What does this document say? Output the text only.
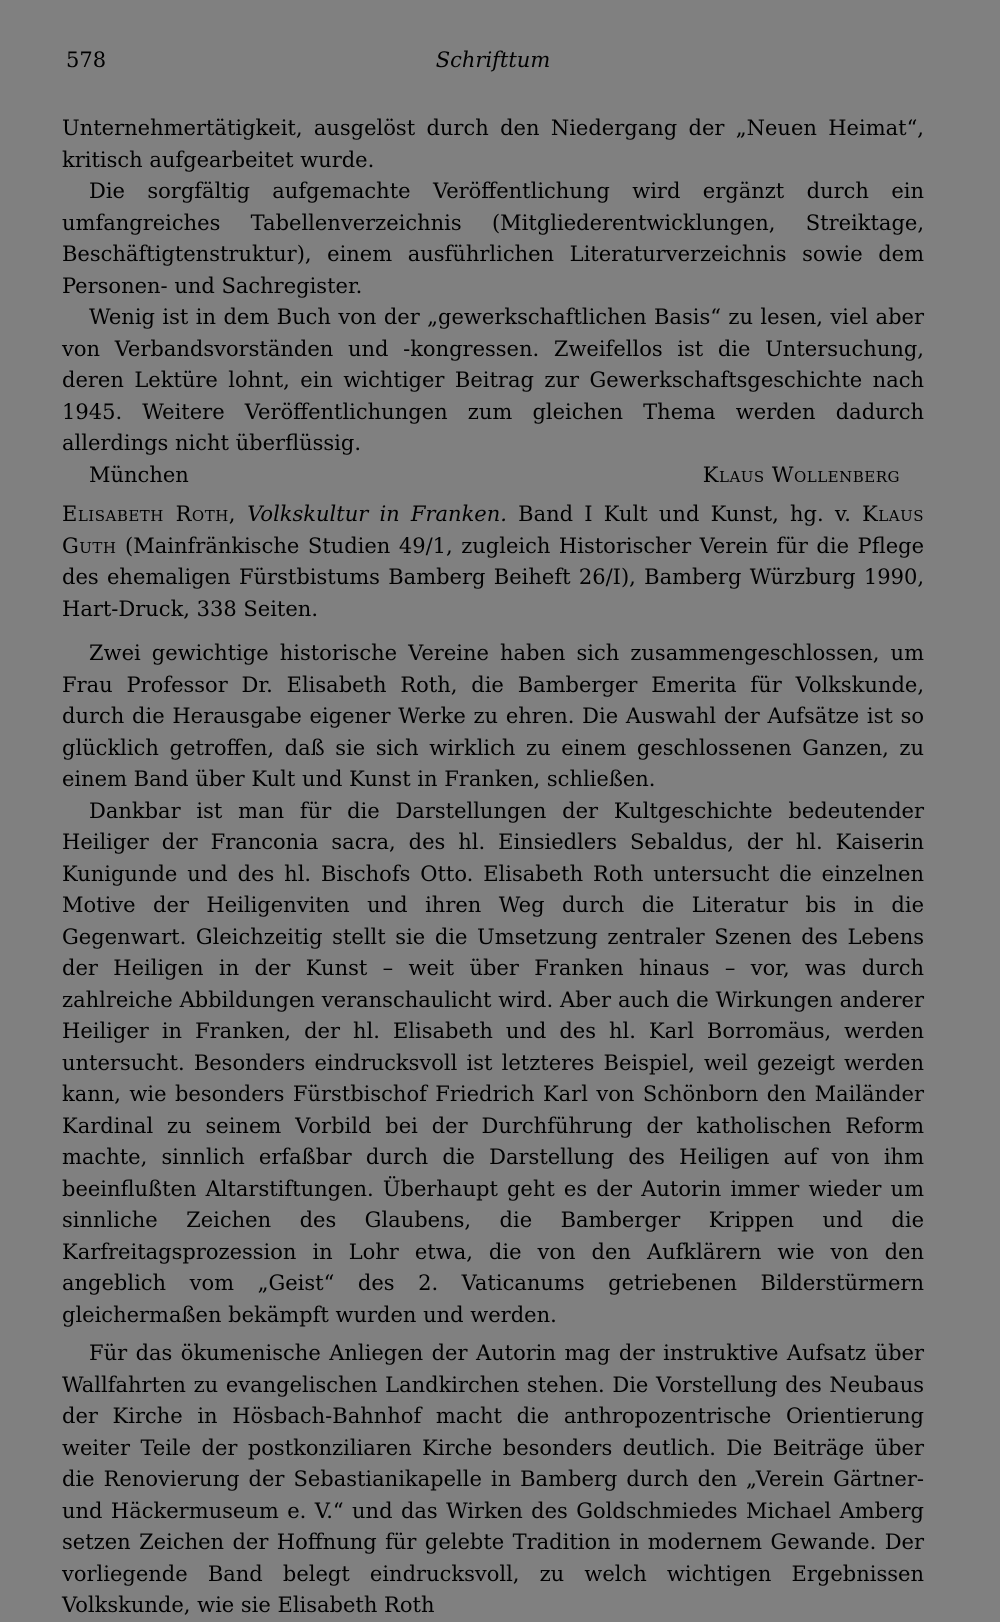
578	Schrifttum

Unternehmertätigkeit, ausgelöst durch den Niedergang der „Neuen Heimat“, kritisch aufgearbeitet wurde.

Die sorgfältig aufgemachte Veröffentlichung wird ergänzt durch ein umfangreiches Tabellenverzeichnis (Mitgliederentwicklungen, Streiktage, Beschäftigtenstruktur), einem ausführlichen Literaturverzeichnis sowie dem Personen- und Sachregister.

Wenig ist in dem Buch von der „gewerkschaftlichen Basis“ zu lesen, viel aber von Verbandsvorständen und -kongressen. Zweifellos ist die Untersuchung, deren Lektüre lohnt, ein wichtiger Beitrag zur Gewerkschaftsgeschichte nach 1945. Weitere Veröffentlichungen zum gleichen Thema werden dadurch allerdings nicht überflüssig.

München	Klaus Wollenberg

Elisabeth Roth, Volkskultur in Franken. Band I Kult und Kunst, hg. v. Klaus Guth (Mainfränkische Studien 49/1, zugleich Historischer Verein für die Pflege des ehemaligen Fürstbistums Bamberg Beiheft 26/I), Bamberg Würzburg 1990, Hart-Druck, 338 Seiten.

Zwei gewichtige historische Vereine haben sich zusammengeschlossen, um Frau Professor Dr. Elisabeth Roth, die Bamberger Emerita für Volkskunde, durch die Herausgabe eigener Werke zu ehren. Die Auswahl der Aufsätze ist so glücklich getroffen, daß sie sich wirklich zu einem geschlossenen Ganzen, zu einem Band über Kult und Kunst in Franken, schließen.

Dankbar ist man für die Darstellungen der Kultgeschichte bedeutender Heiliger der Franconia sacra, des hl. Einsiedlers Sebaldus, der hl. Kaiserin Kunigunde und des hl. Bischofs Otto. Elisabeth Roth untersucht die einzelnen Motive der Heiligenviten und ihren Weg durch die Literatur bis in die Gegenwart. Gleichzeitig stellt sie die Umsetzung zentraler Szenen des Lebens der Heiligen in der Kunst – weit über Franken hinaus – vor, was durch zahlreiche Abbildungen veranschaulicht wird. Aber auch die Wirkungen anderer Heiliger in Franken, der hl. Elisabeth und des hl. Karl Borromäus, werden untersucht. Besonders eindrucksvoll ist letzteres Beispiel, weil gezeigt werden kann, wie besonders Fürstbischof Friedrich Karl von Schönborn den Mailänder Kardinal zu seinem Vorbild bei der Durchführung der katholischen Reform machte, sinnlich erfaßbar durch die Darstellung des Heiligen auf von ihm beeinflußten Altarstiftungen. Überhaupt geht es der Autorin immer wieder um sinnliche Zeichen des Glaubens, die Bamberger Krippen und die Karfreitagsprozession in Lohr etwa, die von den Aufklärern wie von den angeblich vom „Geist“ des 2. Vaticanums getriebenen Bilderstürmern gleichermaßen bekämpft wurden und werden.

Für das ökumenische Anliegen der Autorin mag der instruktive Aufsatz über Wallfahrten zu evangelischen Landkirchen stehen. Die Vorstellung des Neubaus der Kirche in Hösbach-Bahnhof macht die anthropozentrische Orientierung weiter Teile der postkonziliaren Kirche besonders deutlich. Die Beiträge über die Renovierung der Sebastianikapelle in Bamberg durch den „Verein Gärtner- und Häckermuseum e. V.“ und das Wirken des Goldschmiedes Michael Amberg setzen Zeichen der Hoffnung für gelebte Tradition in modernem Gewande. Der vorliegende Band belegt eindrucksvoll, zu welch wichtigen Ergebnissen Volkskunde, wie sie Elisabeth Roth
